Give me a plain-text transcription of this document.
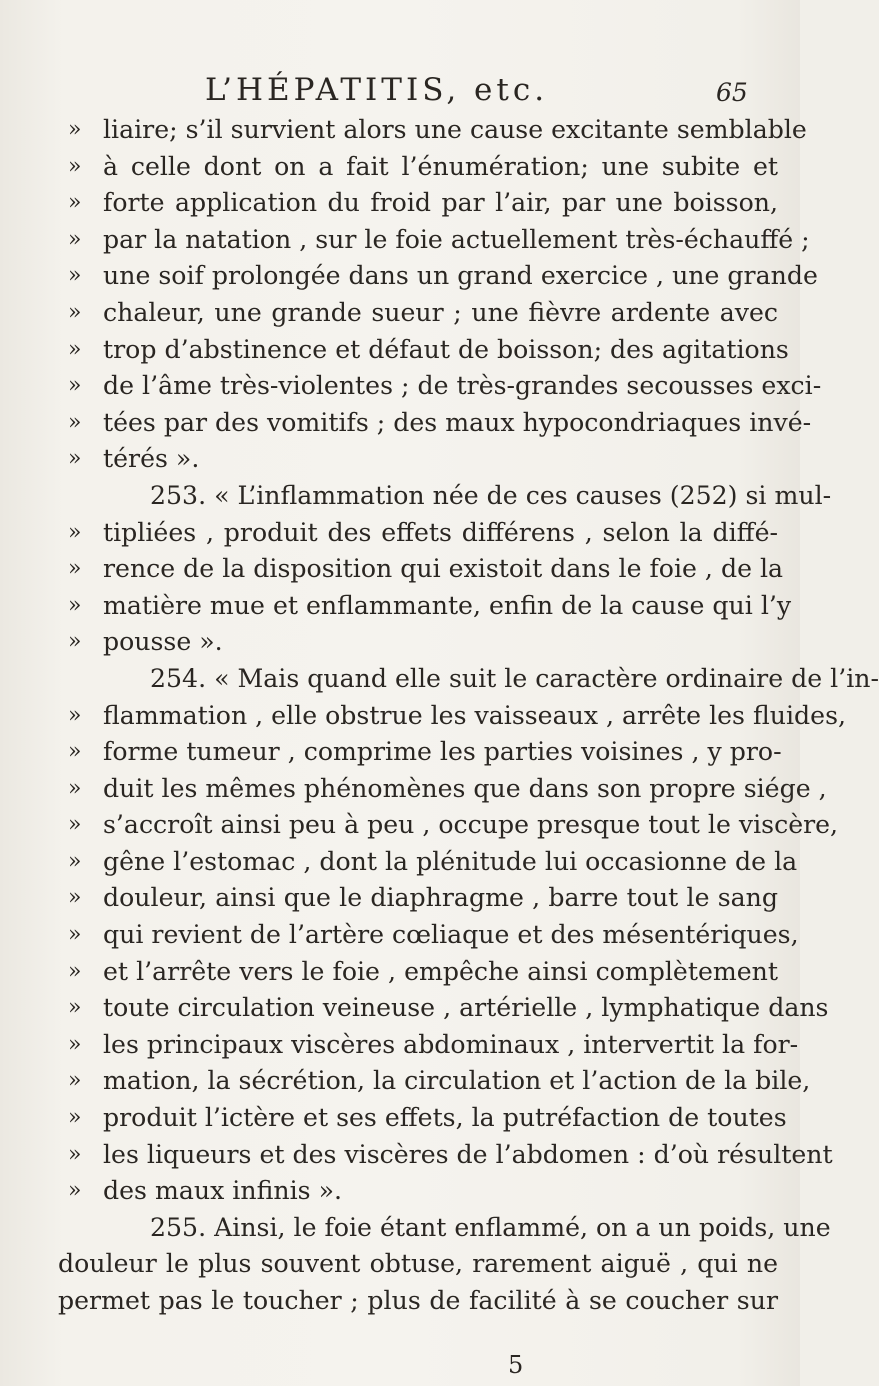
L’HÉPATITIS, etc.	65
» liaire; s’il survient alors une cause excitante semblable
» à celle dont on a fait l’énumération; une subite et
» forte application du froid par l’air, par une boisson,
» par la natation , sur le foie actuellement très-échauffé ;
» une soif prolongée dans un grand exercice , une grande
» chaleur, une grande sueur ; une fièvre ardente avec
» trop d’abstinence et défaut de boisson; des agitations
» de l’âme très-violentes ; de très-grandes secousses exci-
» tées par des vomitifs ; des maux hypocondriaques invé-
» térés ».
253. « L’inflammation née de ces causes (252) si mul-
» tipliées , produit des effets différens , selon la diffé-
» rence de la disposition qui existoit dans le foie , de la
» matière mue et enflammante, enfin de la cause qui l’y
» pousse ».
254. « Mais quand elle suit le caractère ordinaire de l’in-
» flammation , elle obstrue les vaisseaux , arrête les fluides,
» forme tumeur , comprime les parties voisines , y pro-
» duit les mêmes phénomènes que dans son propre siége ,
» s’accroît ainsi peu à peu , occupe presque tout le viscère,
» gêne l’estomac , dont la plénitude lui occasionne de la
» douleur, ainsi que le diaphragme , barre tout le sang
» qui revient de l’artère cœliaque et des mésentériques,
» et l’arrête vers le foie , empêche ainsi complètement
» toute circulation veineuse , artérielle , lymphatique dans
» les principaux viscères abdominaux , intervertit la for-
» mation, la sécrétion, la circulation et l’action de la bile,
» produit l’ictère et ses effets, la putréfaction de toutes
» les liqueurs et des viscères de l’abdomen : d’où résultent
» des maux infinis ».
255. Ainsi, le foie étant enflammé, on a un poids, une
douleur le plus souvent obtuse, rarement aiguë , qui ne
permet pas le toucher ; plus de facilité à se coucher sur
5
